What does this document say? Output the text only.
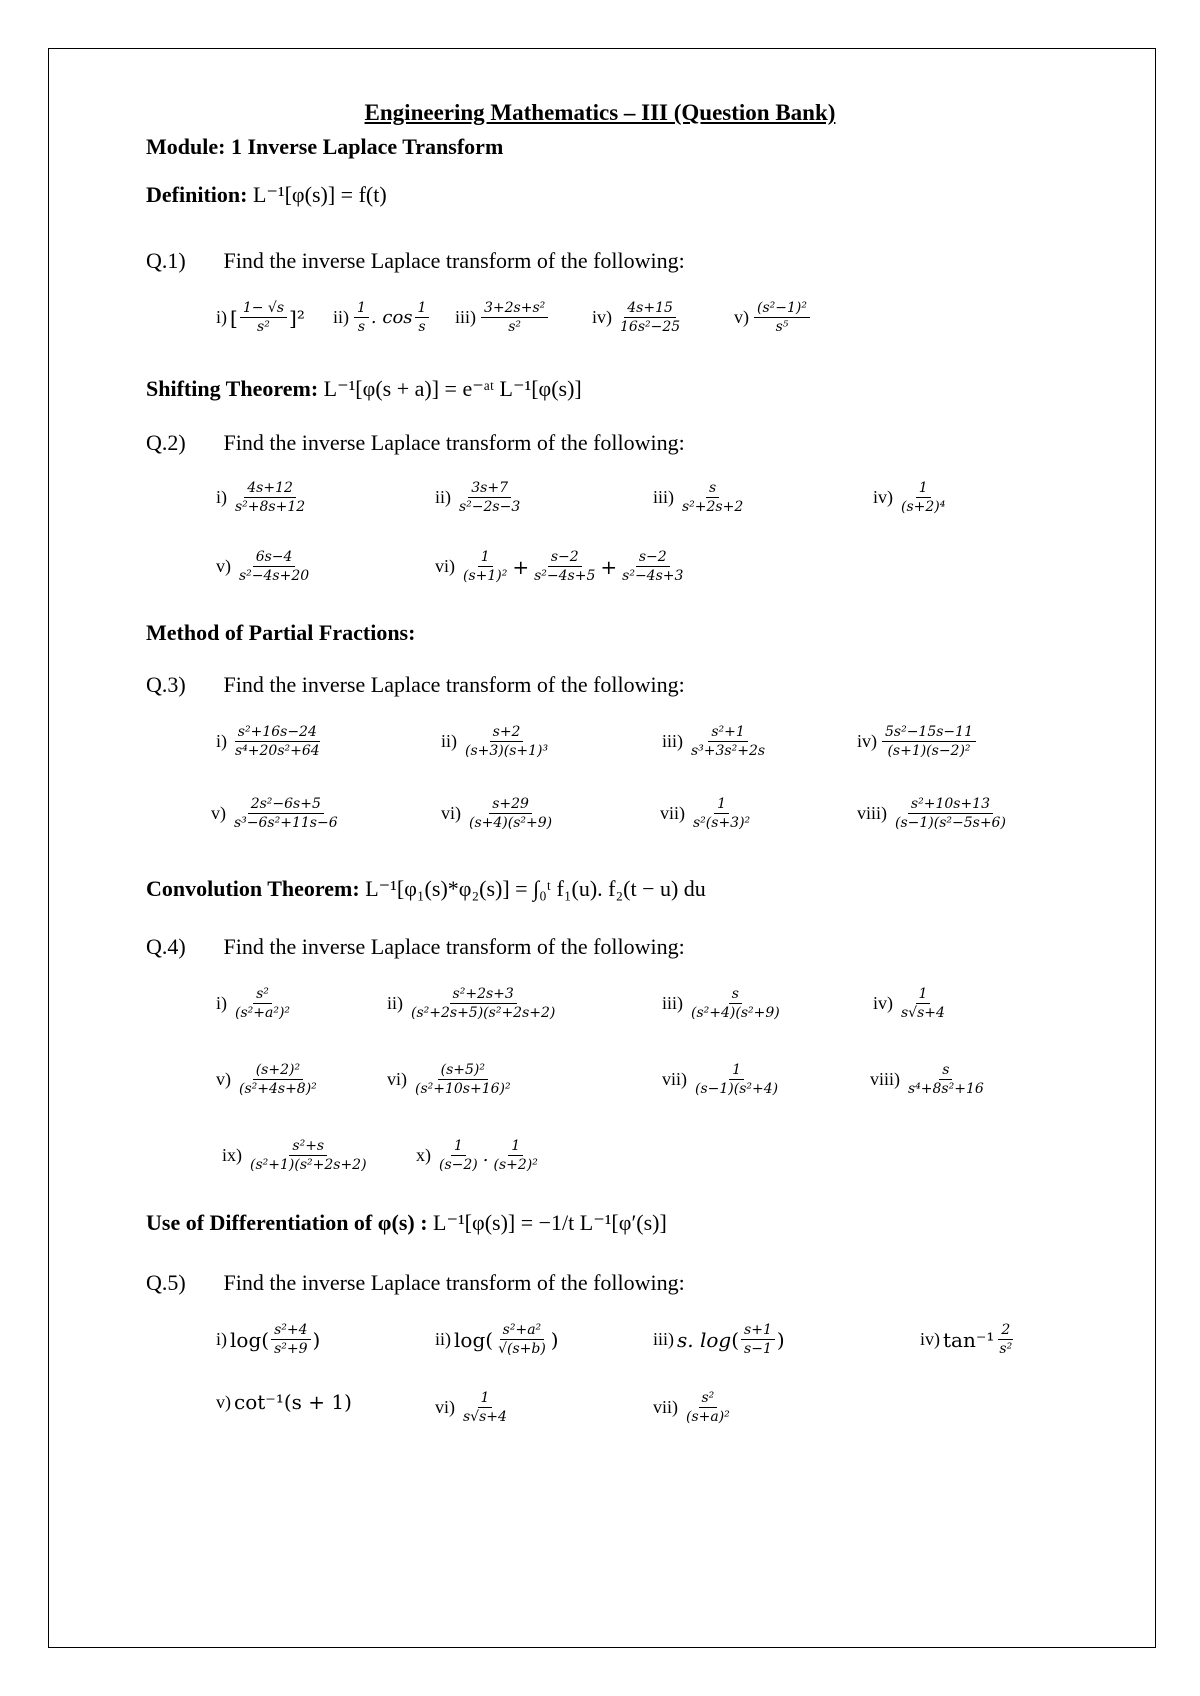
Engineering Mathematics – III (Question Bank)
Module: 1 Inverse Laplace Transform
Definition: L⁻¹[φ(s)] = f(t)
Q.1) Find the inverse Laplace transform of the following:
i) [ $\frac{1- √s}{\text{s²}} ]^2$ $ii) \frac{1}{s}$ . $\cos \frac{1}{s} iii) \frac{\text{3+2s+s²}}{\text{s²}} iv) \frac{4s+15}{\text{16s²−25}}$	$v) \frac{\text{(s²−1)²}}{\text{s⁵}}$
Shifting Theorem: L⁻¹[φ(s + a)] = e⁻ᵃᵗ L⁻¹[φ(s)]
Q.2) Find the inverse Laplace transform of the following:
$i) \frac{4s+12}{\text{s²+8s+12}}$	$ii) \frac{3s+7}{\text{s²−2s−3}}$	$iii) \frac{s}{\text{s²+2s+2}}$	$iv) \frac{1}{\text{(s+2)⁴}}$
$v) \frac{6s-4}{\text{s²−4s+20}}$	$vi) \frac{1}{\text{(s+1)²}} + \frac{s-2}{\text{s²−4s+5}} + \frac{s-2}{\text{s²−4s+3}}$
Method of Partial Fractions:
Q.3) Find the inverse Laplace transform of the following:
$i) \frac{\text{s²+16s−24}}{\text{s⁴+20s²+64}}$	$ii) \frac{s+2}{\text{(s+3)(s+1)³}}$	$iii) \frac{\text{s²+1}}{\text{s³+3s²+2s}}$	$iv) \frac{\text{5s²−15s−11}}{\text{(s+1)(s−2)²}}$
$v) \frac{\text{2s²−6s+5}}{\text{s³−6s²+11s−6}}$	$vi) \frac{s+29}{\text{(s+4)(s²+9)}}$	$vii) \frac{1}{\text{s²(s+3)²}}$	viii) $\frac{\text{s²+10s+13}}{\text{(s−1)(s²−5s+6)}}$
Convolution Theorem: L⁻¹[φ₁(s)*φ₂(s)] = ∫₀ᵗ f₁(u). f₂(t − u) du
Q.4) Find the inverse Laplace transform of the following:
$i) \frac{\text{s²}}{\text{(s²+a²)²}}$	$ii) \frac{\text{s²+2s+3}}{\text{(s²+2s+5)(s²+2s+2)}}$	$iii) \frac{s}{\text{(s²+4)(s²+9)}}$	$iv) \frac{1}{s√s+4}$
$v) \frac{\text{(s+2)²}}{\text{(s²+4s+8)²}}$	$vi) \frac{\text{(s+5)²}}{\text{(s²+10s+16)²}}$	$vii) \frac{1}{\text{(s−1)(s²+4)}}$	viii) $\frac{s}{\text{s⁴+8s²+16}}$
$ix) \frac{\text{s²+s}}{\text{(s²+1)(s²+2s+2)}}$	$x) \frac{1}{(s-2)}$ . $\frac{1}{\text{(s+2)²}}$
Use of Differentiation of φ(s) : L⁻¹[φ(s)] = −1/t L⁻¹[φ′(s)]
Q.5) Find the inverse Laplace transform of the following:
i) log ( $\frac{\text{s²+4}}{\text{s²+9}}$ )	ii) log ( $\frac{\text{s²+a²}}{√(s+b)}$ )	iii) s. log ( $\frac{s+1}{s-1}$ )	iv) $\tan^{-1} \frac{2}{\text{s²}}$
v) cot⁻¹(s + 1)	$vi) \frac{1}{s√s+4}$	$vii) \frac{\text{s²}}{\text{(s+a)²}}$
